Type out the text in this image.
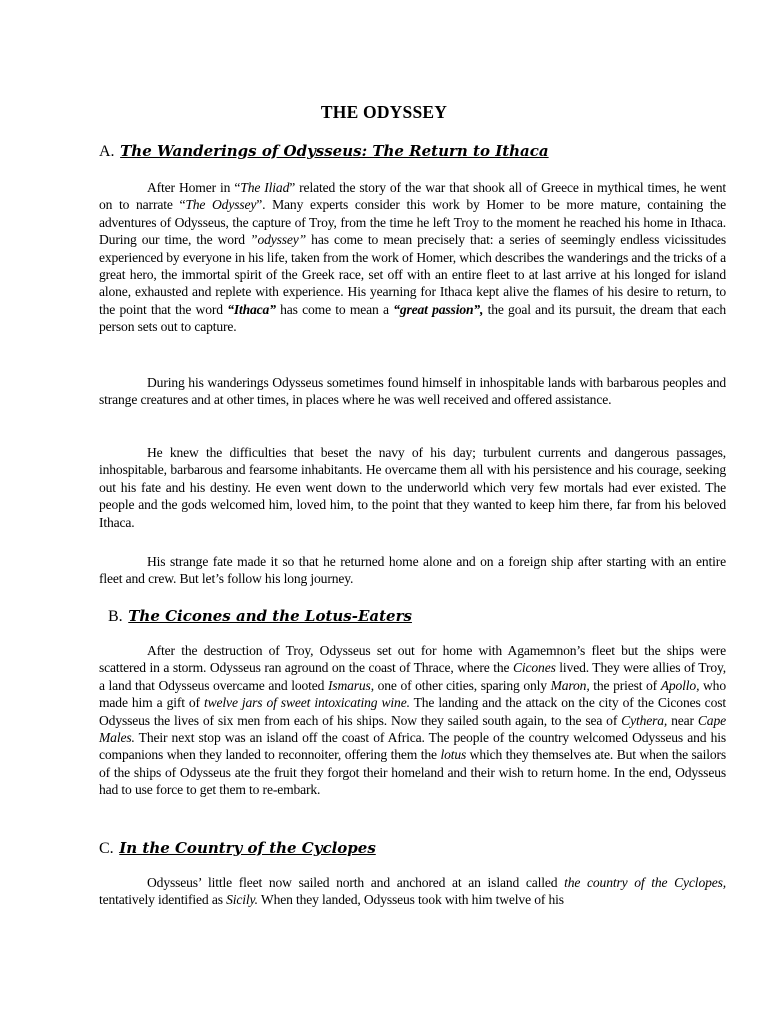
THE ODYSSEY
A. The Wanderings of Odysseus: The Return to Ithaca
After Homer in “The Iliad” related the story of the war that shook all of Greece in mythical times, he went on to narrate “The Odyssey”. Many experts consider this work by Homer to be more mature, containing the adventures of Odysseus, the capture of Troy, from the time he left Troy to the moment he reached his home in Ithaca. During our time, the word ”odyssey” has come to mean precisely that: a series of seemingly endless vicissitudes experienced by everyone in his life, taken from the work of Homer, which describes the wanderings and the tricks of a great hero, the immortal spirit of the Greek race, set off with an entire fleet to at last arrive at his longed for island alone, exhausted and replete with experience. His yearning for Ithaca kept alive the flames of his desire to return, to the point that the word “Ithaca” has come to mean a “great passion”, the goal and its pursuit, the dream that each person sets out to capture.
During his wanderings Odysseus sometimes found himself in inhospitable lands with barbarous peoples and strange creatures and at other times, in places where he was well received and offered assistance.
He knew the difficulties that beset the navy of his day; turbulent currents and dangerous passages, inhospitable, barbarous and fearsome inhabitants. He overcame them all with his persistence and his courage, seeking out his fate and his destiny. He even went down to the underworld which very few mortals had ever existed. The people and the gods welcomed him, loved him, to the point that they wanted to keep him there, far from his beloved Ithaca.
His strange fate made it so that he returned home alone and on a foreign ship after starting with an entire fleet and crew. But let’s follow his long journey.
B. The Cicones and the Lotus-Eaters
After the destruction of Troy, Odysseus set out for home with Agamemnon’s fleet but the ships were scattered in a storm. Odysseus ran aground on the coast of Thrace, where the Cicones lived. They were allies of Troy, a land that Odysseus overcame and looted Ismarus, one of other cities, sparing only Maron, the priest of Apollo, who made him a gift of twelve jars of sweet intoxicating wine. The landing and the attack on the city of the Cicones cost Odysseus the lives of six men from each of his ships. Now they sailed south again, to the sea of Cythera, near Cape Males. Their next stop was an island off the coast of Africa. The people of the country welcomed Odysseus and his companions when they landed to reconnoiter, offering them the lotus which they themselves ate. But when the sailors of the ships of Odysseus ate the fruit they forgot their homeland and their wish to return home. In the end, Odysseus had to use force to get them to re-embark.
C. In the Country of the Cyclopes
Odysseus’ little fleet now sailed north and anchored at an island called the country of the Cyclopes, tentatively identified as Sicily. When they landed, Odysseus took with him twelve of his
